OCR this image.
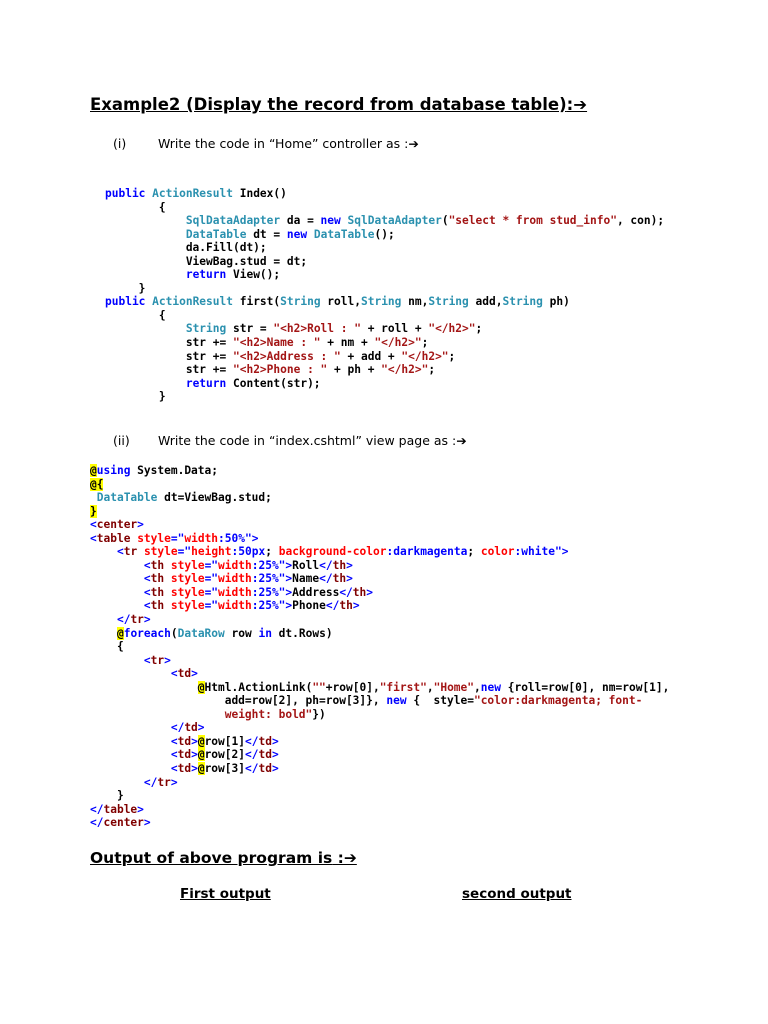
Example2 (Display the record from database table):➔
(i)	Write the code in “Home” controller as :➔
public ActionResult Index()
{
SqlDataAdapter da = new SqlDataAdapter("select * from stud_info", con);
DataTable dt = new DataTable();
da.Fill(dt);
ViewBag.stud = dt;
return View();
}
public ActionResult first(String roll,String nm,String add,String ph)
{
String str = "<h2>Roll : " + roll + "</h2>";
str += "<h2>Name : " + nm + "</h2>";
str += "<h2>Address : " + add + "</h2>";
str += "<h2>Phone : " + ph + "</h2>";
return Content(str);
}
(ii) Write the code in “index.cshtml” view page as :➔
@using System.Data;
@{
DataTable dt=ViewBag.stud;
}
<center>
<table style="width:50%">
<tr style="height:50px; background-color:darkmagenta; color:white">
<th style="width:25%">Roll</th>
<th style="width:25%">Name</th>
<th style="width:25%">Address</th>
<th style="width:25%">Phone</th>
</tr>
@foreach(DataRow row in dt.Rows)
{
<tr>
<td>
@Html.ActionLink(""+row[0],"first","Home",new {roll=row[0], nm=row[1],
add=row[2], ph=row[3]}, new {  style="color:darkmagenta; font-
weight: bold"})
</td>
<td>@row[1]</td>
<td>@row[2]</td>
<td>@row[3]</td>
</tr>
}
</table>
</center>
Output of above program is :➔
First output	second output
